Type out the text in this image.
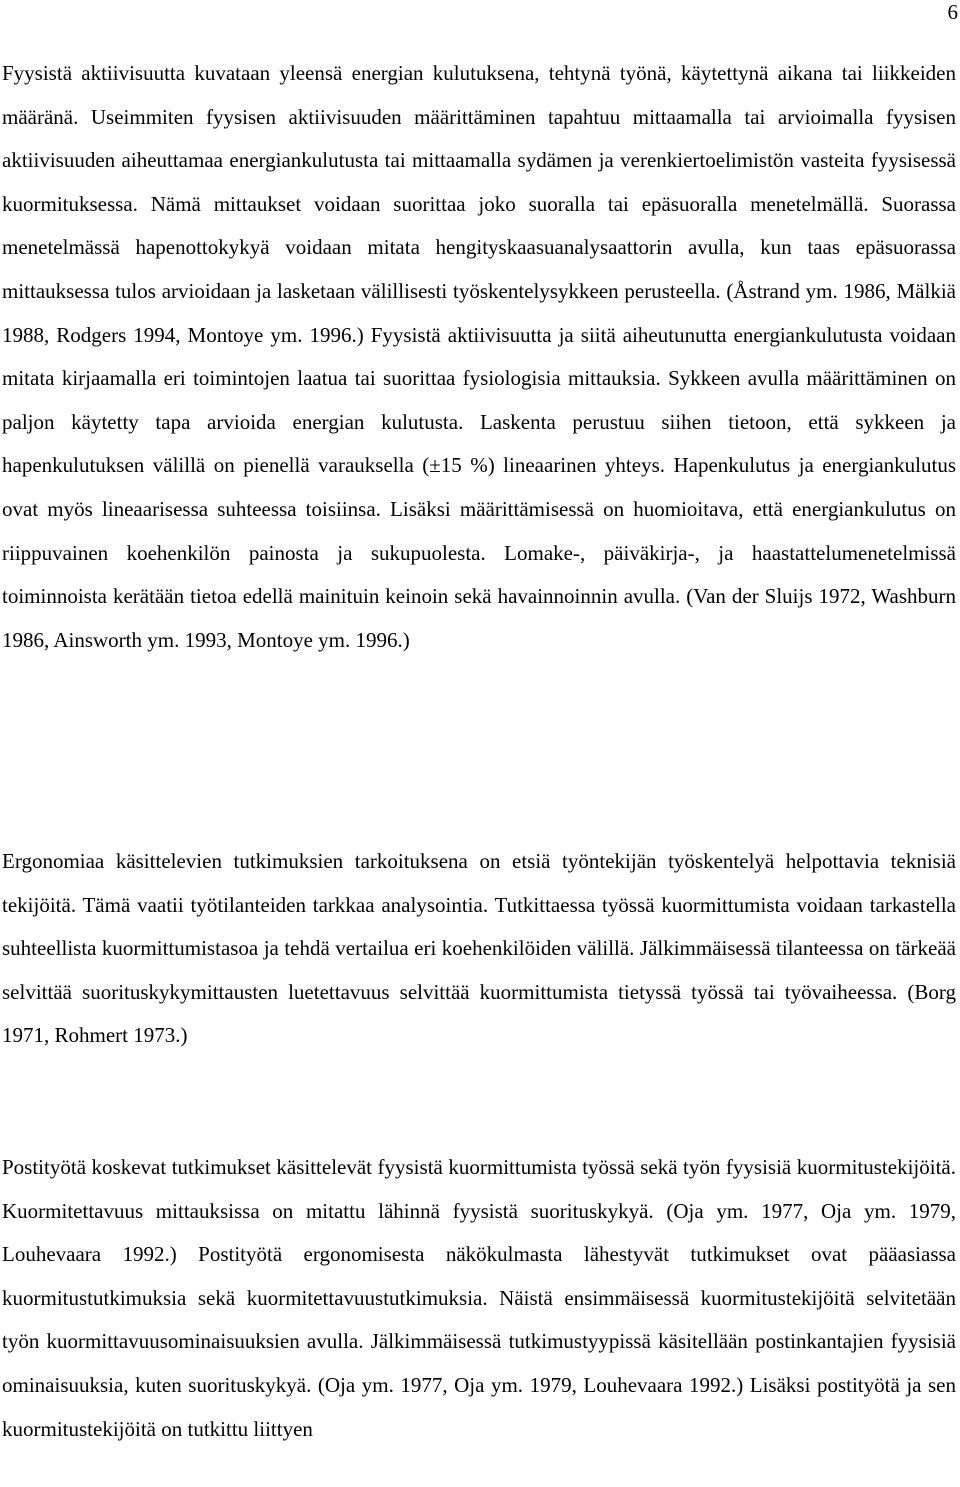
6

Fyysistä aktiivisuutta kuvataan yleensä energian kulutuksena, tehtynä työnä, käytettynä aikana tai liikkeiden määränä. Useimmiten fyysisen aktiivisuuden määrittäminen tapahtuu mittaamalla tai arvioimalla fyysisen aktiivisuuden aiheuttamaa energiankulutusta tai mittaamalla sydämen ja verenkiertoelimistön vasteita fyysisessä kuormituksessa. Nämä mittaukset voidaan suorittaa joko suoralla tai epäsuoralla menetelmällä. Suorassa menetelmässä hapenottokykyä voidaan mitata hengityskaasuanalysaattorin avulla, kun taas epäsuorassa mittauksessa tulos arvioidaan ja lasketaan välillisesti työskentelysykkeen perusteella. (Åstrand ym. 1986, Mälkiä 1988, Rodgers 1994, Montoye ym. 1996.) Fyysistä aktiivisuutta ja siitä aiheutunutta energiankulutusta voidaan mitata kirjaamalla eri toimintojen laatua tai suorittaa fysiologisia mittauksia. Sykkeen avulla määrittäminen on paljon käytetty tapa arvioida energian kulutusta. Laskenta perustuu siihen tietoon, että sykkeen ja hapenkulutuksen välillä on pienellä varauksella (±15 %) lineaarinen yhteys. Hapenkulutus ja energiankulutus ovat myös lineaarisessa suhteessa toisiinsa. Lisäksi määrittämisessä on huomioitava, että energiankulutus on riippuvainen koehenkilön painosta ja sukupuolesta. Lomake-, päiväkirja-, ja haastattelumenetelmissä toiminnoista kerätään tietoa edellä mainituin keinoin sekä havainnoinnin avulla. (Van der Sluijs 1972, Washburn 1986, Ainsworth ym. 1993, Montoye ym. 1996.)

Ergonomiaa käsittelevien tutkimuksien tarkoituksena on etsiä työntekijän työskentelyä helpottavia teknisiä tekijöitä. Tämä vaatii työtilanteiden tarkkaa analysointia. Tutkittaessa työssä kuormittumista voidaan tarkastella suhteellista kuormittumistasoa ja tehdä vertailua eri koehenkilöiden välillä. Jälkimmäisessä tilanteessa on tärkeää selvittää suorituskykymittausten luetettavuus selvittää kuormittumista tietyssä työssä tai työvaiheessa. (Borg 1971, Rohmert 1973.)

Postityötä koskevat tutkimukset käsittelevät fyysistä kuormittumista työssä sekä työn fyysisiä kuormitustekijöitä. Kuormitettavuus mittauksissa on mitattu lähinnä fyysistä suorituskykyä. (Oja ym. 1977, Oja ym. 1979, Louhevaara 1992.) Postityötä ergonomisesta näkökulmasta lähestyvät tutkimukset ovat pääasiassa kuormitustutkimuksia sekä kuormitettavuustutkimuksia. Näistä ensimmäisessä kuormitustekijöitä selvitetään työn kuormittavuusominaisuuksien avulla. Jälkimmäisessä tutkimustyypissä käsitellään postinkantajien fyysisiä ominaisuuksia, kuten suorituskykyä. (Oja ym. 1977, Oja ym. 1979, Louhevaara 1992.) Lisäksi postityötä ja sen kuormitustekijöitä on tutkittu liittyen
